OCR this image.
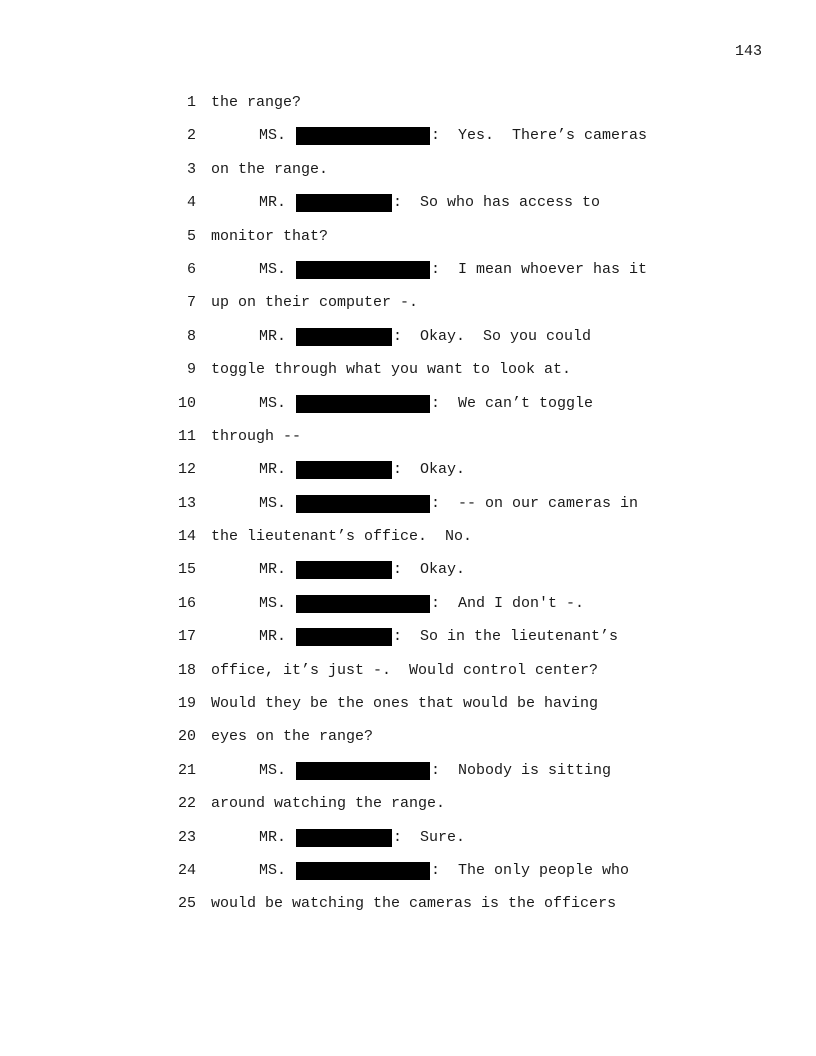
143
1 the range?
2	MS.	:  Yes.  There’s cameras
3 on the range.
4	MR.	:  So who has access to
5 monitor that?
6	MS.	:  I mean whoever has it
7 up on their computer -.
8	MR.	:  Okay.  So you could
9 toggle through what you want to look at.
10	MS.	:  We can’t toggle
11 through --
12	MR.	:  Okay.
13	MS.	:  -- on our cameras in
14 the lieutenant’s office.  No.
15	MR.	:  Okay.
16	MS.	:  And I don't -.
17	MR.	:  So in the lieutenant’s
18 office, it’s just -.  Would control center?
19 Would they be the ones that would be having
20 eyes on the range?
21	MS.	:  Nobody is sitting
22 around watching the range.
23	MR.	:  Sure.
24	MS.	:  The only people who
25 would be watching the cameras is the officers
